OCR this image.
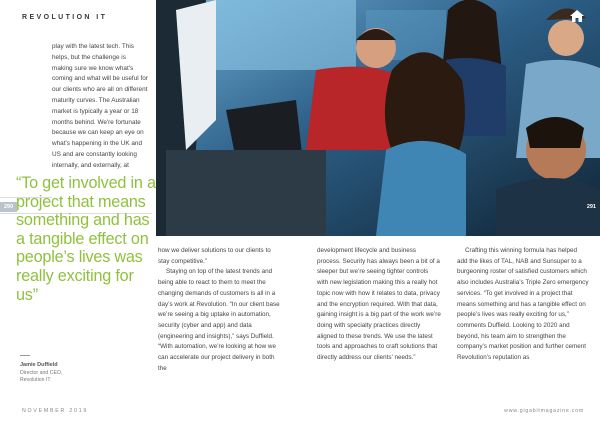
REVOLUTION IT
play with the latest tech. This helps, but the challenge is making sure we know what's coming and what will be useful for our clients who are all on different maturity curves. The Australian market is typically a year or 18 months behind. We're fortunate because we can keep an eye on what's happening in the UK and US and are constantly looking internally, and externally, at
290	291
“To get involved in a project that means something and has a tangible effect on people’s lives was really exciting for us”
Jamie Duffield
Director and CEO,
Revolution IT

how we deliver solutions to our clients to stay competitive.”

Staying on top of the latest trends and being able to react to them to meet the changing demands of customers is all in a day’s work at Revolution. “In our client base we’re seeing a big uptake in automation, security (cyber and app) and data (engineering and insights),” says Duffield. “With automation, we’re looking at how we can accelerate our project delivery in both the

development lifecycle and business process. Security has always been a bit of a sleeper but we’re seeing tighter controls with new legislation making this a really hot topic now with how it relates to data, privacy and the encryption required. With that data, gaining insight is a big part of the work we’re doing with specialty practices directly aligned to these trends. We use the latest tools and approaches to craft solutions that directly address our clients’ needs.”

Crafting this winning formula has helped add the likes of TAL, NAB and Sunsuper to a burgeoning roster of satisfied customers which also includes Australia’s Triple Zero emergency services. “To get involved in a project that means something and has a tangible effect on people’s lives was really exciting for us,” comments Duffield. Looking to 2020 and beyond, his team aim to strengthen the company’s market position and further cement Revolution’s reputation as

NOVEMBER 2019	www.gigabitmagazine.com
